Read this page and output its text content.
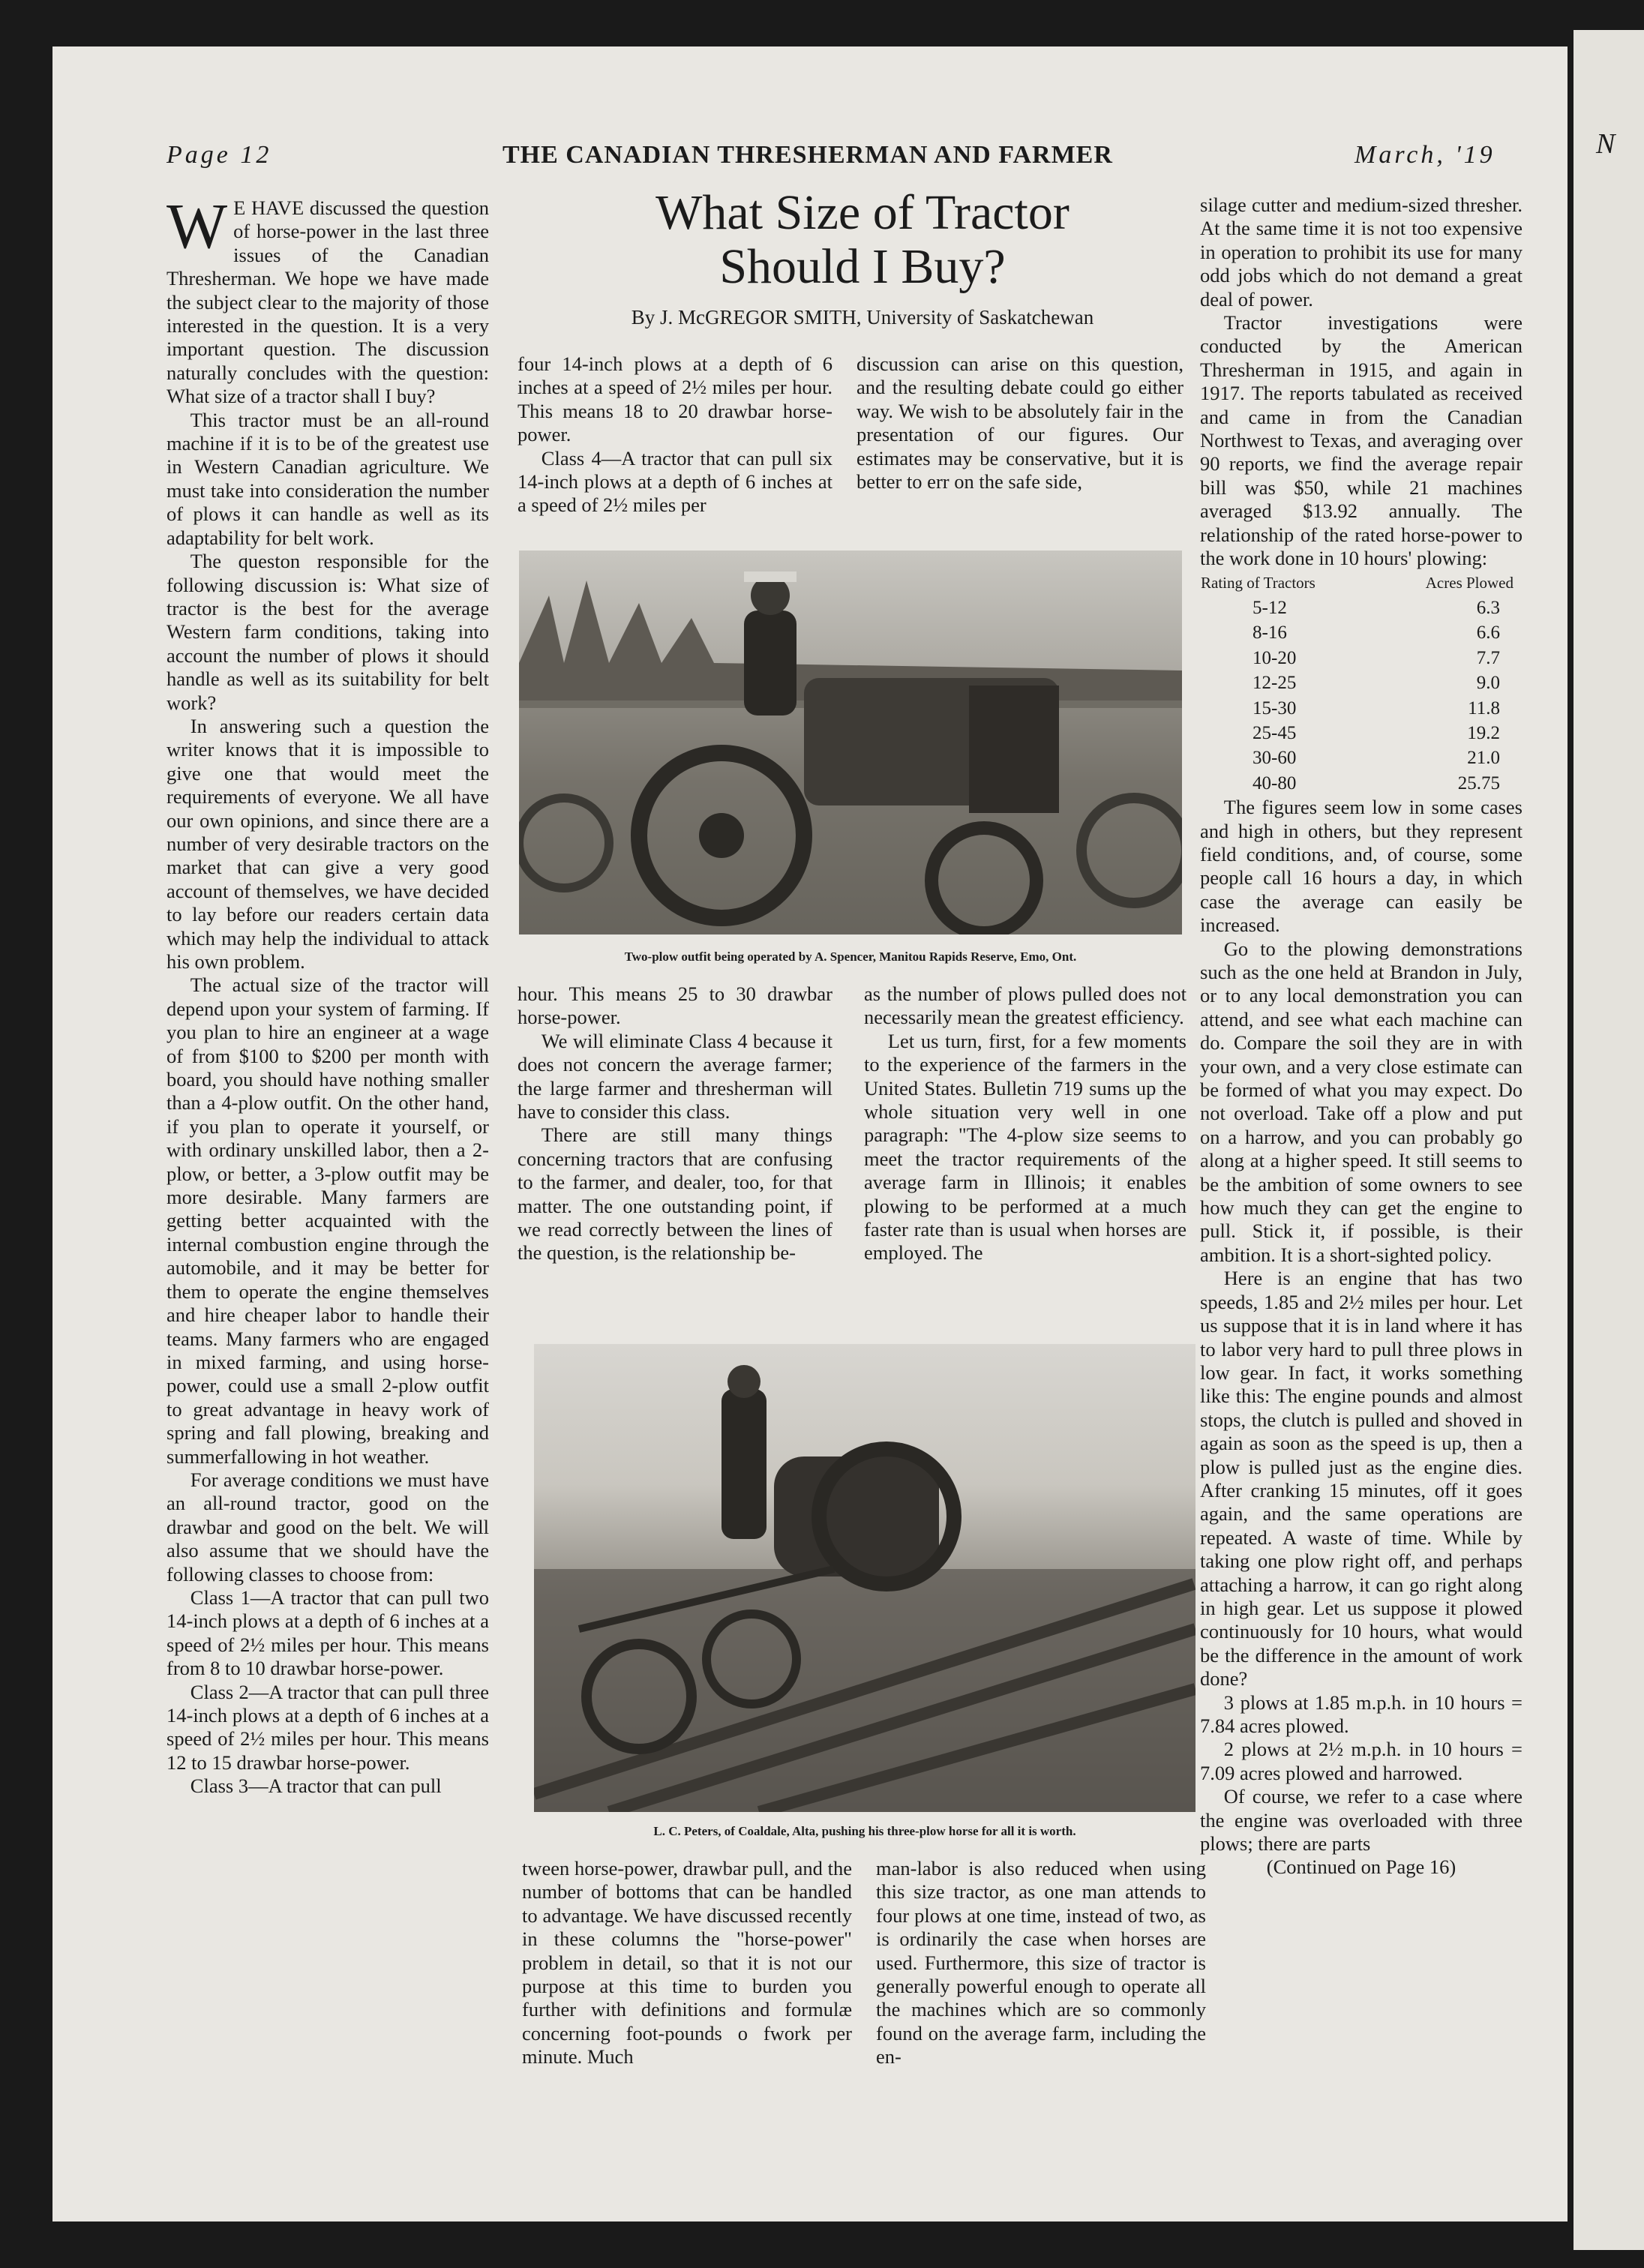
N
Page 12	THE CANADIAN THRESHERMAN AND FARMER	March, '19
What Size of Tractor
Should I Buy?
By J. McGREGOR SMITH, University of Saskatchewan

W E HAVE discussed the question of horse-power in the last three issues of the Canadian Thresherman. We hope we have made the subject clear to the majority of those interested in the question. It is a very important question. The discussion naturally concludes with the question: What size of a tractor shall I buy?

This tractor must be an all-round machine if it is to be of the greatest use in Western Canadian agriculture. We must take into consideration the number of plows it can handle as well as its adaptability for belt work.

The queston responsible for the following discussion is: What size of tractor is the best for the average Western farm conditions, taking into account the number of plows it should handle as well as its suitability for belt work?

In answering such a question the writer knows that it is impossible to give one that would meet the requirements of everyone. We all have our own opinions, and since there are a number of very desirable tractors on the market that can give a very good account of themselves, we have decided to lay before our readers certain data which may help the individual to attack his own problem.

The actual size of the tractor will depend upon your system of farming. If you plan to hire an engineer at a wage of from $100 to $200 per month with board, you should have nothing smaller than a 4-plow outfit. On the other hand, if you plan to operate it yourself, or with ordinary unskilled labor, then a 2-plow, or better, a 3-plow outfit may be more desirable. Many farmers are getting better acquainted with the internal combustion engine through the automobile, and it may be better for them to operate the engine themselves and hire cheaper labor to handle their teams. Many farmers who are engaged in mixed farming, and using horse-power, could use a small 2-plow outfit to great advantage in heavy work of spring and fall plowing, breaking and summerfallowing in hot weather.

For average conditions we must have an all-round tractor, good on the drawbar and good on the belt. We will also assume that we should have the following classes to choose from:

Class 1—A tractor that can pull two 14-inch plows at a depth of 6 inches at a speed of 2½ miles per hour. This means from 8 to 10 drawbar horse-power.

Class 2—A tractor that can pull three 14-inch plows at a depth of 6 inches at a speed of 2½ miles per hour. This means 12 to 15 drawbar horse-power.

Class 3—A tractor that can pull

four 14-inch plows at a depth of 6 inches at a speed of 2½ miles per hour. This means 18 to 20 drawbar horse-power.

Class 4—A tractor that can pull six 14-inch plows at a depth of 6 inches at a speed of 2½ miles per

discussion can arise on this question, and the resulting debate could go either way. We wish to be absolutely fair in the presentation of our figures. Our estimates may be conservative, but it is better to err on the safe side,

Two-plow outfit being operated by A. Spencer, Manitou Rapids Reserve, Emo, Ont.

hour. This means 25 to 30 drawbar horse-power.

We will eliminate Class 4 because it does not concern the average farmer; the large farmer and thresherman will have to consider this class.

There are still many things concerning tractors that are confusing to the farmer, and dealer, too, for that matter. The one outstanding point, if we read correctly between the lines of the question, is the relationship be-

as the number of plows pulled does not necessarily mean the greatest efficiency.

Let us turn, first, for a few moments to the experience of the farmers in the United States. Bulletin 719 sums up the whole situation very well in one paragraph: "The 4-plow size seems to meet the tractor requirements of the average farm in Illinois; it enables plowing to be performed at a much faster rate than is usual when horses are employed. The

L. C. Peters, of Coaldale, Alta, pushing his three-plow horse for all it is worth.

tween horse-power, drawbar pull, and the number of bottoms that can be handled to advantage. We have discussed recently in these columns the "horse-power" problem in detail, so that it is not our purpose at this time to burden you further with definitions and formulæ concerning foot-pounds o fwork per minute. Much

man-labor is also reduced when using this size tractor, as one man attends to four plows at one time, instead of two, as is ordinarily the case when horses are used. Furthermore, this size of tractor is generally powerful enough to operate all the machines which are so commonly found on the average farm, including the en-

silage cutter and medium-sized thresher. At the same time it is not too expensive in operation to prohibit its use for many odd jobs which do not demand a great deal of power.

Tractor investigations were conducted by the American Thresherman in 1915, and again in 1917. The reports tabulated as received and came in from the Canadian Northwest to Texas, and averaging over 90 reports, we find the average repair bill was $50, while 21 machines averaged $13.92 annually. The relationship of the rated horse-power to the work done in 10 hours' plowing:

Rating of Tractors	Acres Plowed
5-12	6.3
8-16	6.6
10-20	7.7
12-25	9.0
15-30	11.8
25-45	19.2
30-60	21.0
40-80	25.75

The figures seem low in some cases and high in others, but they represent field conditions, and, of course, some people call 16 hours a day, in which case the average can easily be increased.

Go to the plowing demonstrations such as the one held at Brandon in July, or to any local demonstration you can attend, and see what each machine can do. Compare the soil they are in with your own, and a very close estimate can be formed of what you may expect. Do not overload. Take off a plow and put on a harrow, and you can probably go along at a higher speed. It still seems to be the ambition of some owners to see how much they can get the engine to pull. Stick it, if possible, is their ambition. It is a short-sighted policy.

Here is an engine that has two speeds, 1.85 and 2½ miles per hour. Let us suppose that it is in land where it has to labor very hard to pull three plows in low gear. In fact, it works something like this: The engine pounds and almost stops, the clutch is pulled and shoved in again as soon as the speed is up, then a plow is pulled just as the engine dies. After cranking 15 minutes, off it goes again, and the same operations are repeated. A waste of time. While by taking one plow right off, and perhaps attaching a harrow, it can go right along in high gear. Let us suppose it plowed continuously for 10 hours, what would be the difference in the amount of work done?

3 plows at 1.85 m.p.h. in 10 hours = 7.84 acres plowed.

2 plows at 2½ m.p.h. in 10 hours = 7.09 acres plowed and harrowed.

Of course, we refer to a case where the engine was overloaded with three plows; there are parts

(Continued on Page 16)
